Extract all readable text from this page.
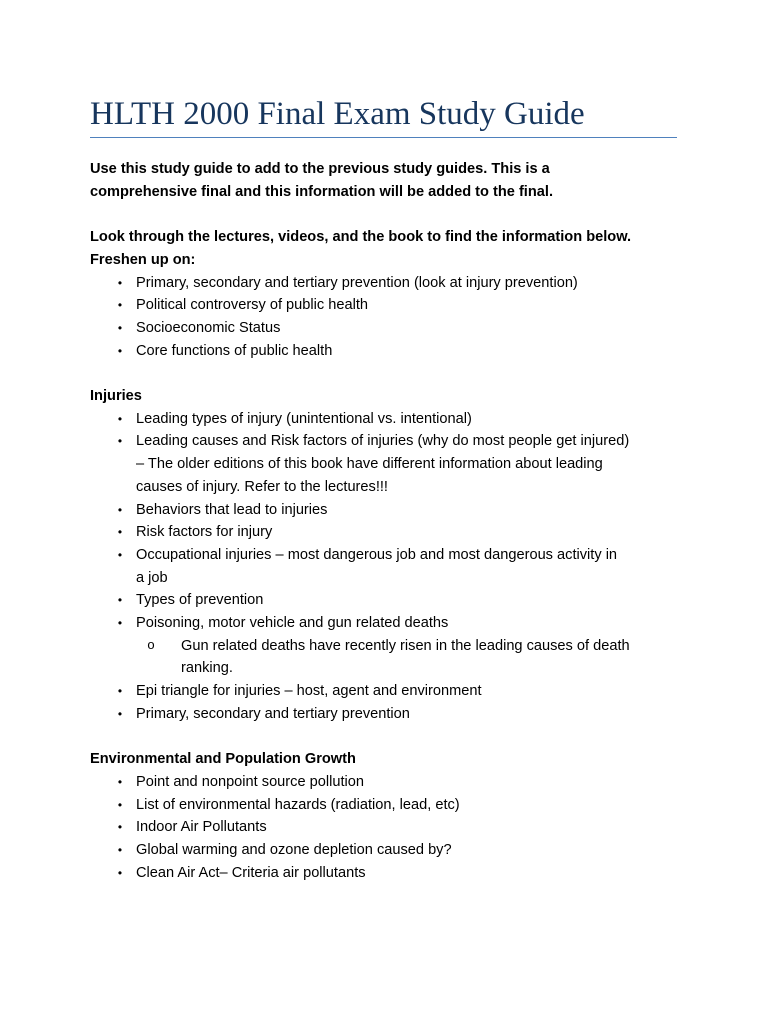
HLTH 2000 Final Exam Study Guide

Use this study guide to add to the previous study guides. This is a
comprehensive final and this information will be added to the final.

Look through the lectures, videos, and the book to find the information below.
Freshen up on:

• Primary, secondary and tertiary prevention (look at injury prevention)
• Political controversy of public health
• Socioeconomic Status
• Core functions of public health

Injuries

• Leading types of injury (unintentional vs. intentional)
• Leading causes and Risk factors of injuries (why do most people get injured)
– The older editions of this book have different information about leading
causes of injury. Refer to the lectures!!!
• Behaviors that lead to injuries
• Risk factors for injury
• Occupational injuries – most dangerous job and most dangerous activity in
a job
• Types of prevention
• Poisoning, motor vehicle and gun related deaths
o Gun related deaths have recently risen in the leading causes of death
ranking.
• Epi triangle for injuries – host, agent and environment
• Primary, secondary and tertiary prevention

Environmental and Population Growth

• Point and nonpoint source pollution
• List of environmental hazards (radiation, lead, etc)
• Indoor Air Pollutants
• Global warming and ozone depletion caused by?
• Clean Air Act– Criteria air pollutants
